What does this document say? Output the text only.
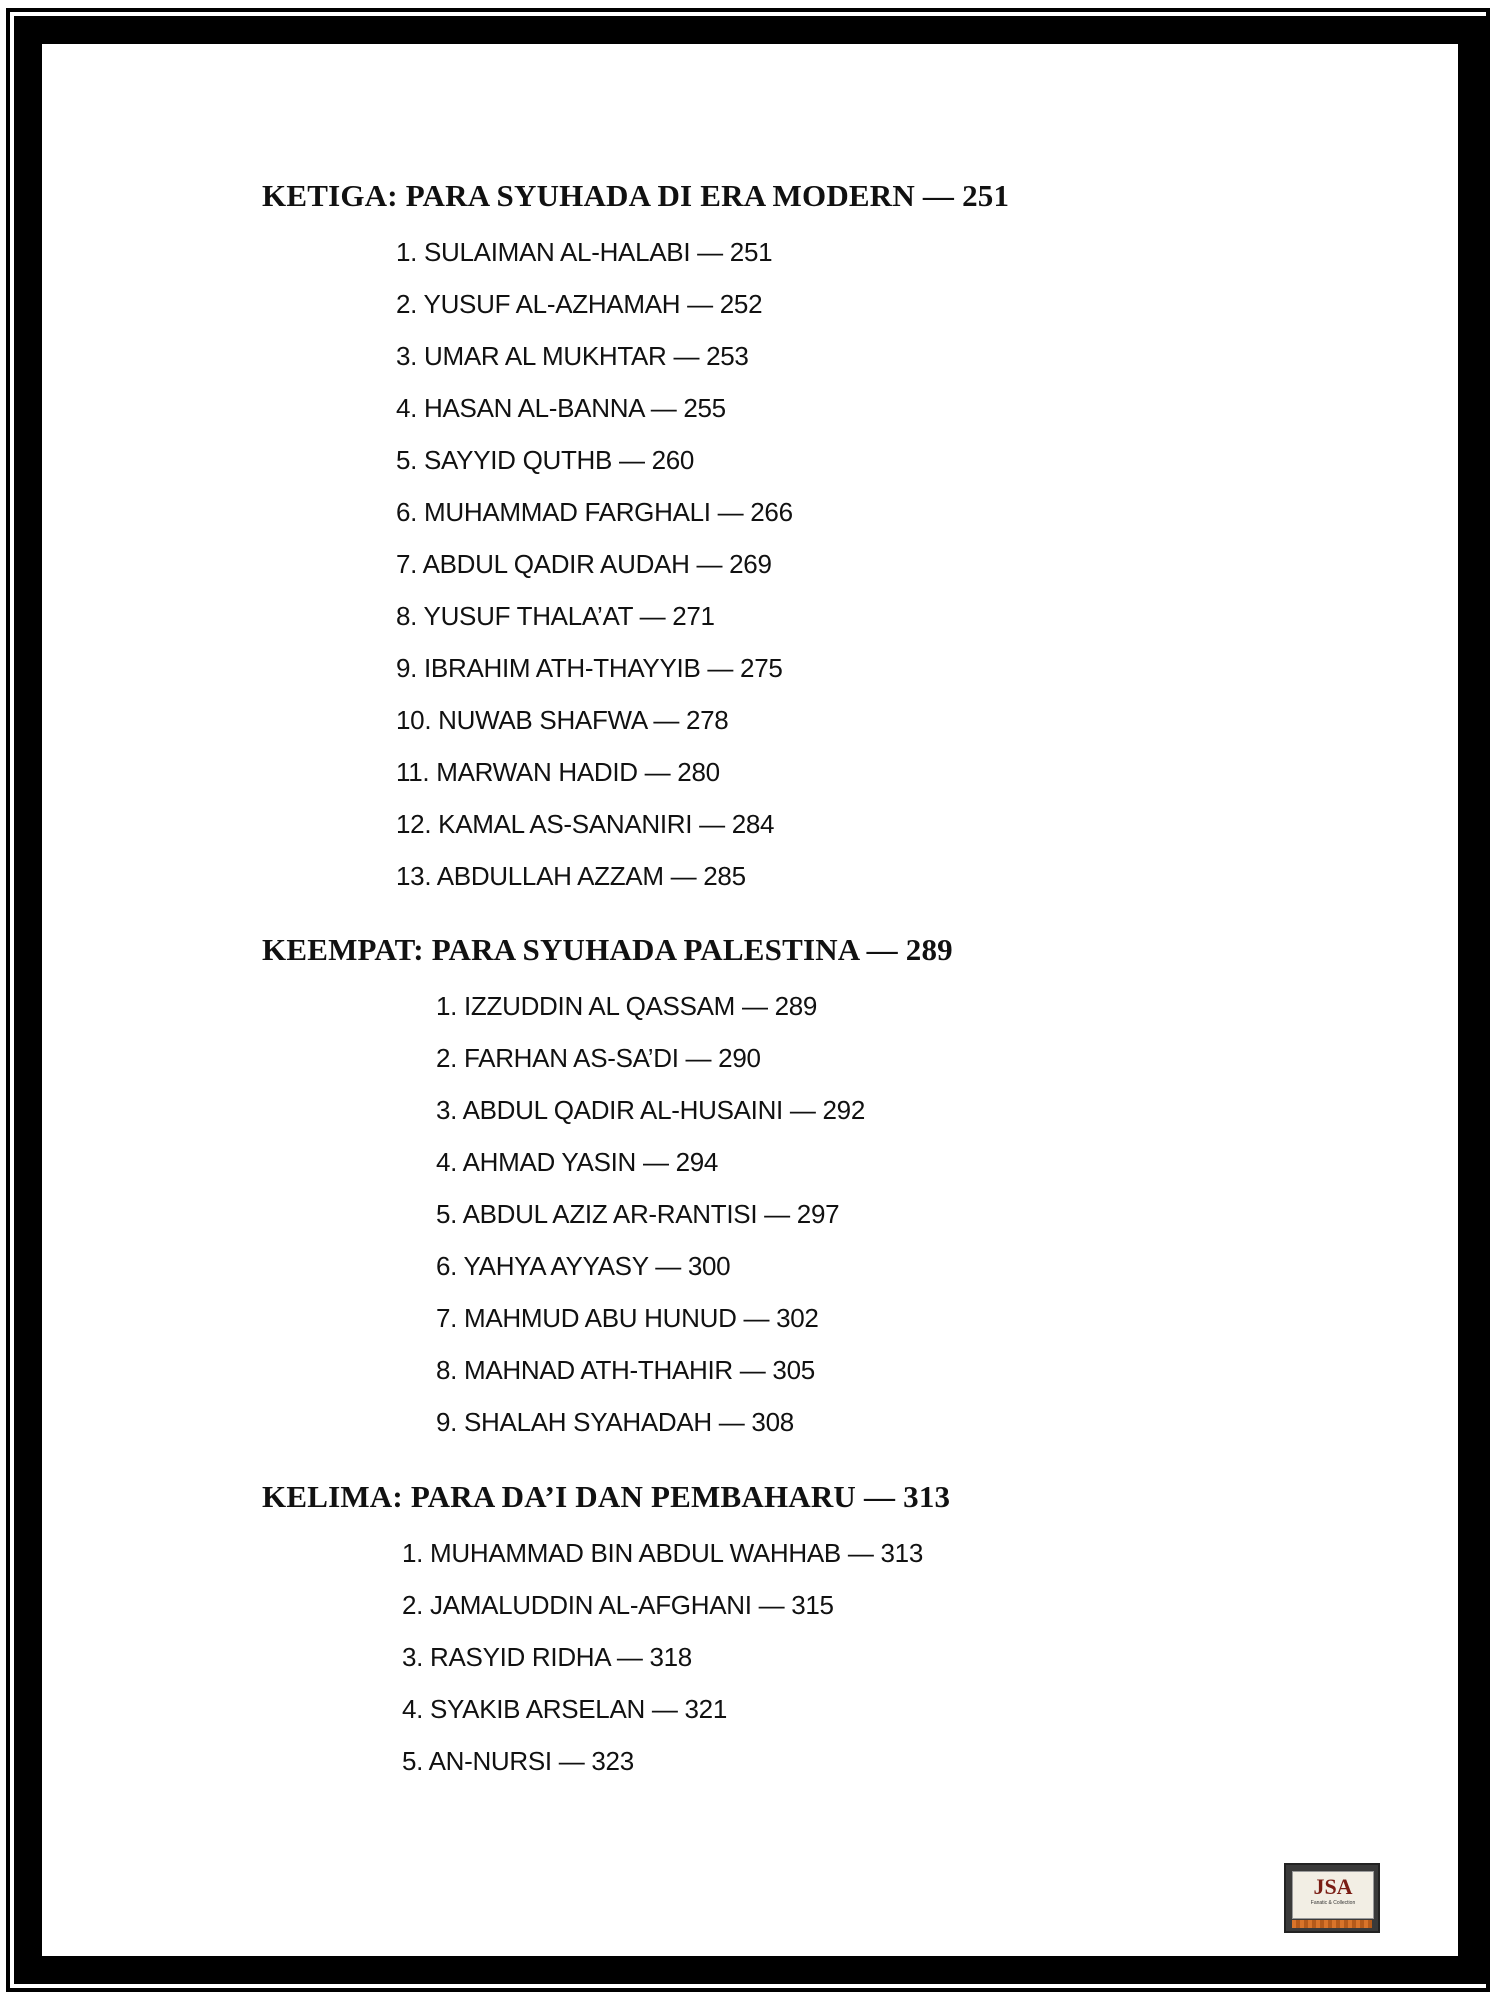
KETIGA: PARA SYUHADA DI ERA MODERN — 251
1. SULAIMAN AL-HALABI — 251
2. YUSUF AL-AZHAMAH — 252
3. UMAR AL MUKHTAR — 253
4. HASAN AL-BANNA — 255
5. SAYYID QUTHB — 260
6. MUHAMMAD FARGHALI — 266
7. ABDUL QADIR AUDAH — 269
8. YUSUF THALA’AT — 271
9. IBRAHIM ATH-THAYYIB — 275
10. NUWAB SHAFWA — 278
11. MARWAN HADID — 280
12. KAMAL AS-SANANIRI — 284
13. ABDULLAH AZZAM — 285
KEEMPAT: PARA SYUHADA PALESTINA — 289
1. IZZUDDIN AL QASSAM — 289
2. FARHAN AS-SA’DI — 290
3. ABDUL QADIR AL-HUSAINI — 292
4. AHMAD YASIN — 294
5. ABDUL AZIZ AR-RANTISI — 297
6. YAHYA AYYASY — 300
7. MAHMUD ABU HUNUD — 302
8. MAHNAD ATH-THAHIR — 305
9. SHALAH SYAHADAH — 308
KELIMA: PARA DA’I DAN PEMBAHARU — 313
1. MUHAMMAD BIN ABDUL WAHHAB — 313
2. JAMALUDDIN AL-AFGHANI — 315
3. RASYID RIDHA — 318
4. SYAKIB ARSELAN — 321
5. AN-NURSI — 323
JSA
Fanatic & Collection
